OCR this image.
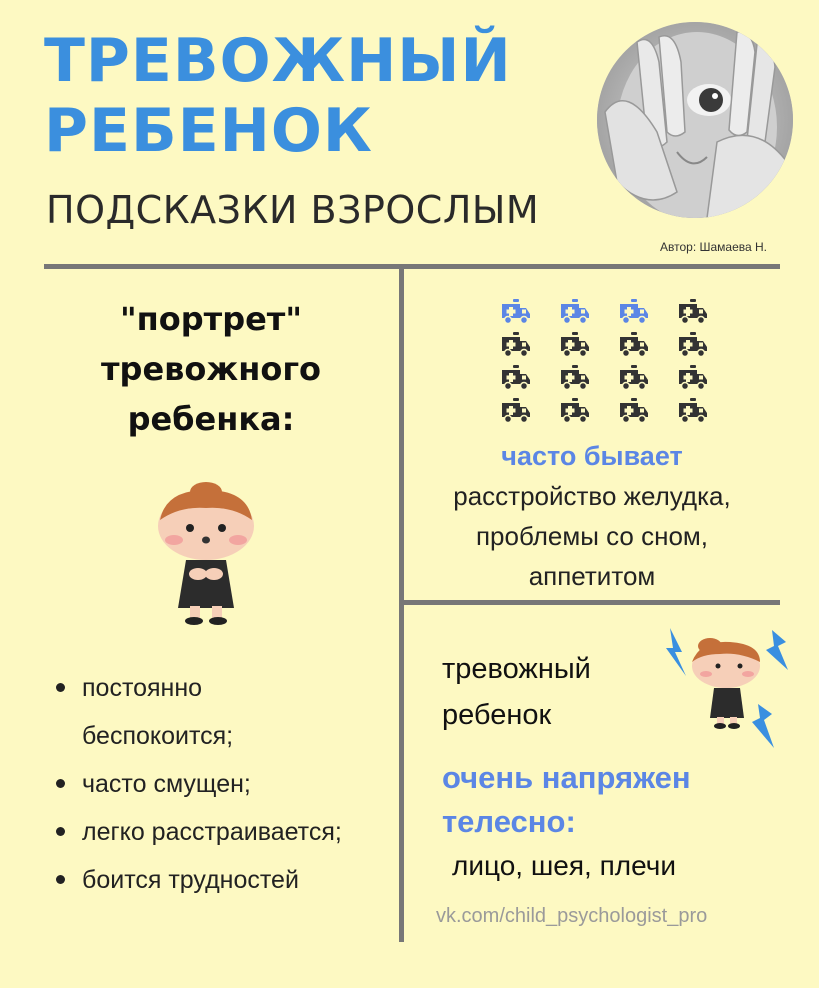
ТРЕВОЖНЫЙ
РЕБЕНОК
ПОДСКАЗКИ ВЗРОСЛЫМ
Автор: Шамаева Н.
"портрет"
тревожного
ребенка:
постоянно
беспокоится;
часто смущен;
легко расстраивается;
боится трудностей
часто бывает
расстройство желудка,
проблемы со сном,
аппетитом
тревожный
ребенок
очень напряжен
телесно:
лицо, шея, плечи
vk.com/child_psychologist_pro
